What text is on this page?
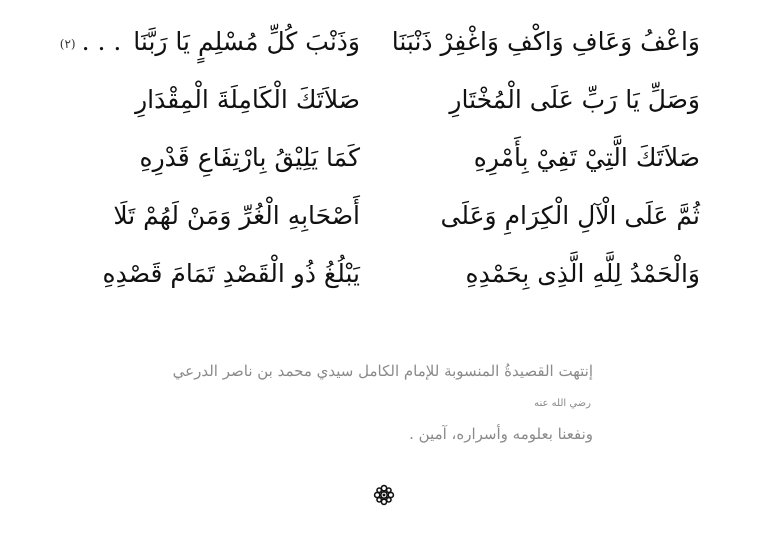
وَاعْفُ وَعَافِ وَاكْفِ وَاغْفِرْ ذَنْبَنَا
وَذَنْبَ كُلِّ مُسْلِمٍ يَا رَبَّنَا . . .(٢)
وَصَلِّ يَا رَبِّ عَلَى الْمُخْتَارِ
صَلاَتَكَ الْكَامِلَةَ الْمِقْدَارِ
صَلاَتَكَ الَّتِيْ تَفِيْ بِأَمْرِهِ
كَمَا يَلِيْقُ بِارْتِفَاعِ قَدْرِهِ
ثُمَّ عَلَى الْآلِ الْكِرَامِ وَعَلَى
أَصْحَابِهِ الْغُرِّ وَمَنْ لَهُمْ تَلَا
وَالْحَمْدُ لِلَّهِ الَّذِى بِحَمْدِهِ
يَبْلُغُ ذُو الْقَصْدِ تَمَامَ قَصْدِهِ
إنتهت القصيدةُ المنسوبة للإمام الكامل سيدي محمد بن ناصر الدرعي رضي الله عنه
ونفعنا بعلومه وأسراره، آمين .
